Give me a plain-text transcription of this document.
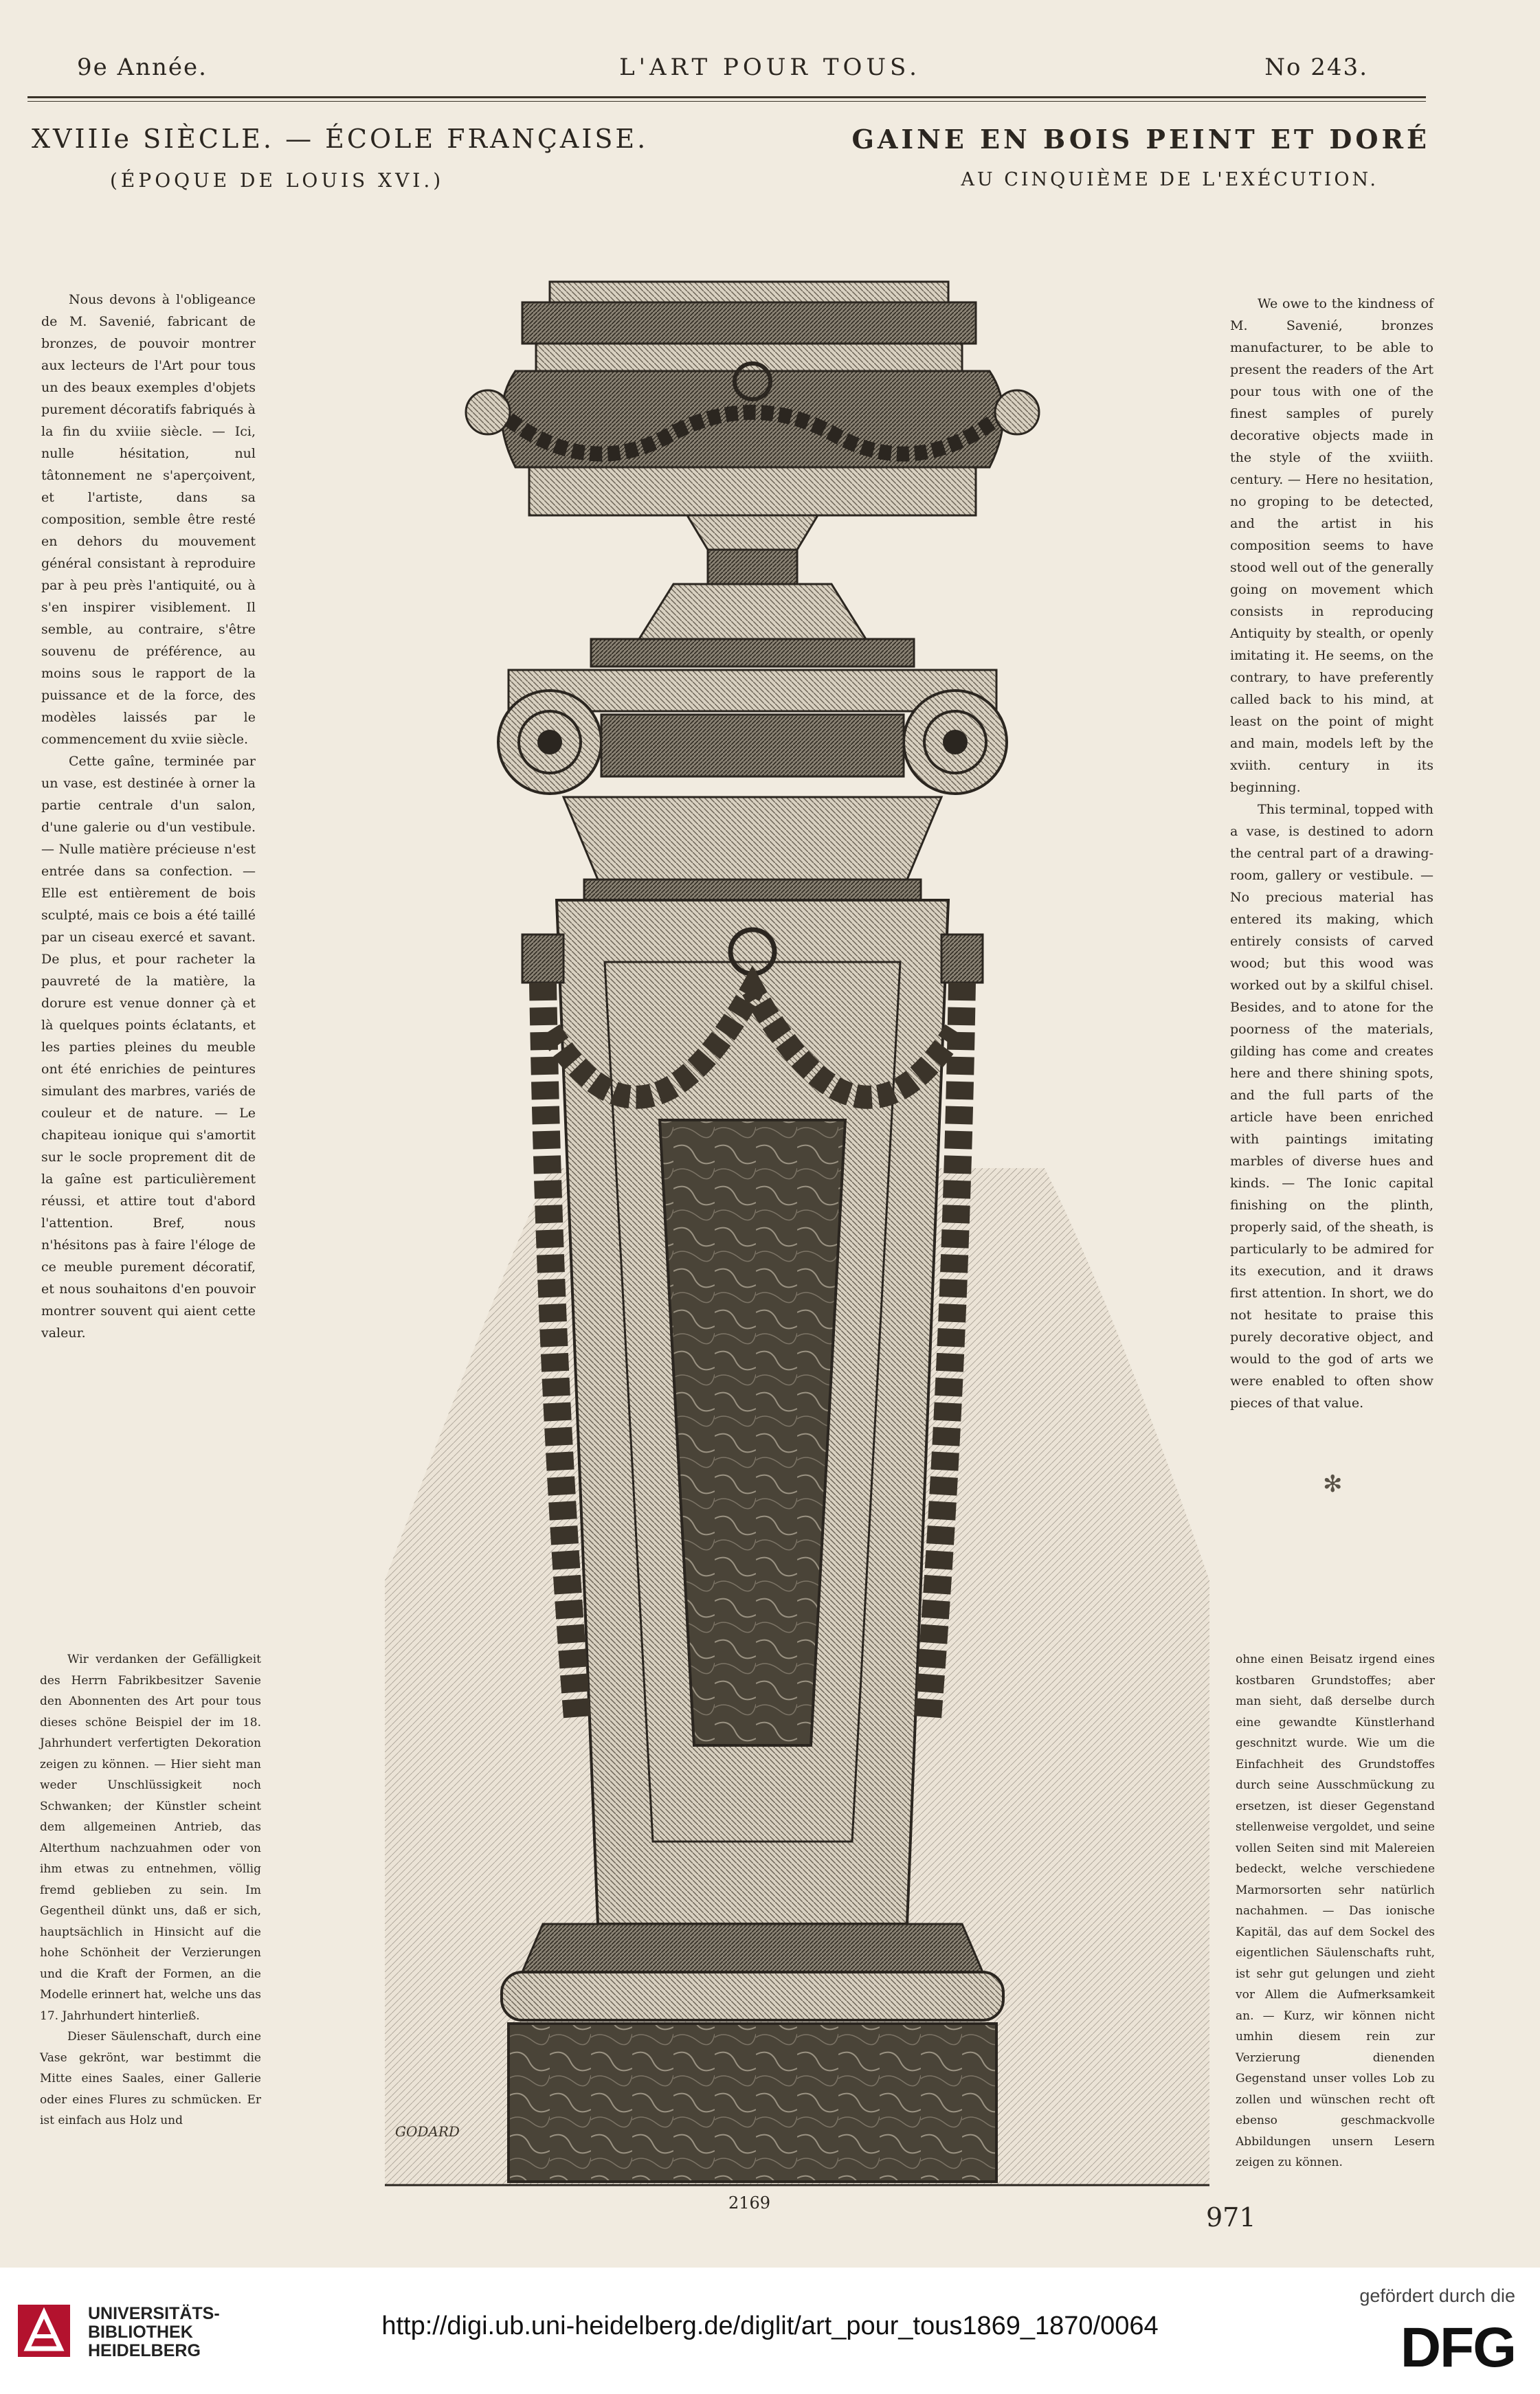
9e Année.	L'ART POUR TOUS.	No 243.
XVIIIe SIÈCLE. — ÉCOLE FRANÇAISE.
(ÉPOQUE DE LOUIS XVI.)
GAINE EN BOIS PEINT ET DORÉ
AU CINQUIÈME DE L'EXÉCUTION.

Nous devons à l'obligeance de M. Savenié, fabricant de bronzes, de pouvoir montrer aux lecteurs de l'Art pour tous un des beaux exemples d'objets purement décoratifs fabriqués à la fin du xviiie siècle. — Ici, nulle hésitation, nul tâtonnement ne s'aperçoivent, et l'artiste, dans sa composition, semble être resté en dehors du mouvement général consistant à reproduire par à peu près l'antiquité, ou à s'en inspirer visiblement. Il semble, au contraire, s'être souvenu de préférence, au moins sous le rapport de la puissance et de la force, des modèles laissés par le commencement du xviie siècle.

Cette gaîne, terminée par un vase, est destinée à orner la partie centrale d'un salon, d'une galerie ou d'un vestibule. — Nulle matière précieuse n'est entrée dans sa confection. — Elle est entièrement de bois sculpté, mais ce bois a été taillé par un ciseau exercé et savant. De plus, et pour racheter la pauvreté de la matière, la dorure est venue donner çà et là quelques points éclatants, et les parties pleines du meuble ont été enrichies de peintures simulant des marbres, variés de couleur et de nature. — Le chapiteau ionique qui s'amortit sur le socle proprement dit de la gaîne est particulièrement réussi, et attire tout d'abord l'attention. Bref, nous n'hésitons pas à faire l'éloge de ce meuble purement décoratif, et nous souhaitons d'en pouvoir montrer souvent qui aient cette valeur.

We owe to the kindness of M. Savenié, bronzes manufacturer, to be able to present the readers of the Art pour tous with one of the finest samples of purely decorative objects made in the style of the xviiith. century. — Here no hesitation, no groping to be detected, and the artist in his composition seems to have stood well out of the generally going on movement which consists in reproducing Antiquity by stealth, or openly imitating it. He seems, on the contrary, to have preferently called back to his mind, at least on the point of might and main, models left by the xviith. century in its beginning.

This terminal, topped with a vase, is destined to adorn the central part of a drawing-room, gallery or vestibule. — No precious material has entered its making, which entirely consists of carved wood; but this wood was worked out by a skilful chisel. Besides, and to atone for the poorness of the materials, gilding has come and creates here and there shining spots, and the full parts of the article have been enriched with paintings imitating marbles of diverse hues and kinds. — The Ionic capital finishing on the plinth, properly said, of the sheath, is particularly to be admired for its execution, and it draws first attention. In short, we do not hesitate to praise this purely decorative object, and would to the god of arts we were enabled to often show pieces of that value.

✻

Wir verdanken der Gefälligkeit des Herrn Fabrikbesitzer Savenie den Abonnenten des Art pour tous dieses schöne Beispiel der im 18. Jahrhundert verfertigten Dekoration zeigen zu können. — Hier sieht man weder Unschlüssigkeit noch Schwanken; der Künstler scheint dem allgemeinen Antrieb, das Alterthum nachzuahmen oder von ihm etwas zu entnehmen, völlig fremd geblieben zu sein. Im Gegentheil dünkt uns, daß er sich, hauptsächlich in Hinsicht auf die hohe Schönheit der Verzierungen und die Kraft der Formen, an die Modelle erinnert hat, welche uns das 17. Jahrhundert hinterließ.

Dieser Säulenschaft, durch eine Vase gekrönt, war bestimmt die Mitte eines Saales, einer Gallerie oder eines Flures zu schmücken. Er ist einfach aus Holz und

ohne einen Beisatz irgend eines kostbaren Grundstoffes; aber man sieht, daß derselbe durch eine gewandte Künstlerhand geschnitzt wurde. Wie um die Einfachheit des Grundstoffes durch seine Ausschmückung zu ersetzen, ist dieser Gegenstand stellenweise vergoldet, und seine vollen Seiten sind mit Malereien bedeckt, welche verschiedene Marmorsorten sehr natürlich nachahmen. — Das ionische Kapitäl, das auf dem Sockel des eigentlichen Säulenschafts ruht, ist sehr gut gelungen und zieht vor Allem die Aufmerksamkeit an. — Kurz, wir können nicht umhin diesem rein zur Verzierung dienenden Gegenstand unser volles Lob zu zollen und wünschen recht oft ebenso geschmackvolle Abbildungen unsern Lesern zeigen zu können.

GODARD
2169	971
UNIVERSITÄTS-
BIBLIOTHEK
HEIDELBERG
http://digi.ub.uni-heidelberg.de/diglit/art_pour_tous1869_1870/0064
gefördert durch die
DFG
